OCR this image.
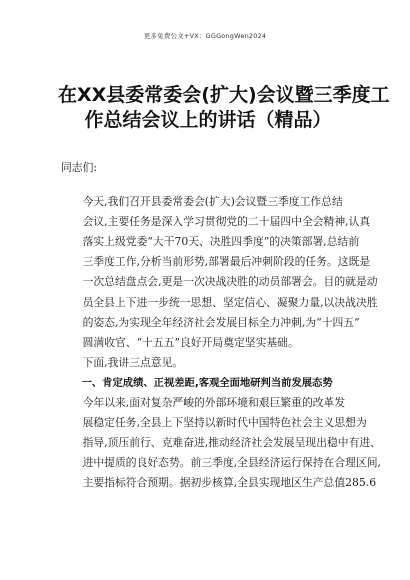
更多免费公文+VX：GGGongWen2024
在XX县委常委会(扩大)会议暨三季度工
作总结会议上的讲话（精品）

同志们:

今天,我们召开县委常委会(扩大)会议暨三季度工作总结
会议,主要任务是深入学习贯彻党的二十届四中全会精神,认真
落实上级党委“大干70天、决胜四季度”的决策部署,总结前
三季度工作,分析当前形势,部署最后冲刺阶段的任务。这既是
一次总结盘点会,更是一次决战决胜的动员部署会。目的就是动
员全县上下进一步统一思想、坚定信心、凝聚力量,以决战决胜
的姿态,为实现全年经济社会发展目标全力冲刺,为“十四五”
圆满收官、“十五五”良好开局奠定坚实基础。

下面,我讲三点意见。

一、肯定成绩、正视差距,客观全面地研判当前发展态势

今年以来,面对复杂严峻的外部环境和艰巨繁重的改革发
展稳定任务,全县上下坚持以新时代中国特色社会主义思想为
指导,顶压前行、克难奋进,推动经济社会发展呈现出稳中有进、
进中提质的良好态势。前三季度,全县经济运行保持在合理区间,
主要指标符合预期。据初步核算,全县实现地区生产总值285.6
